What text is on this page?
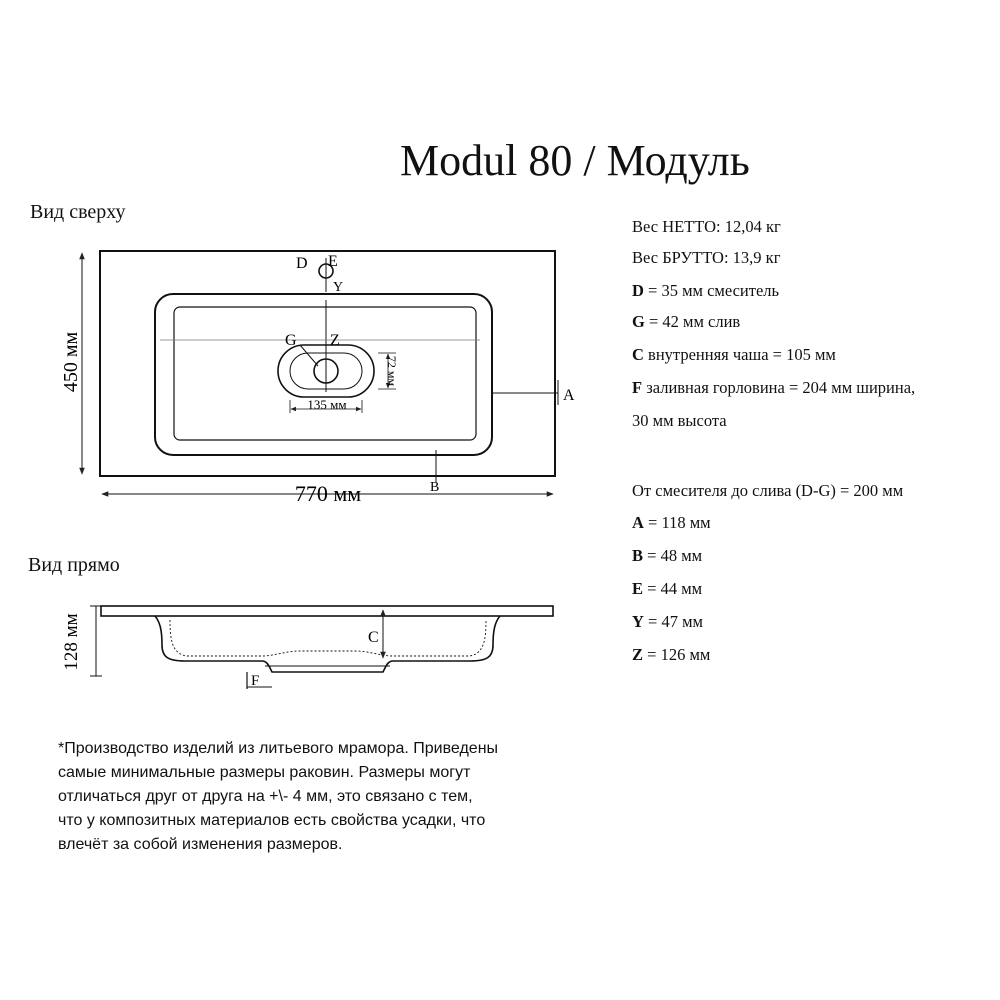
Modul 80 / Модуль
Вид сверху
Вид прямо
D E
Y
G Z
A
B
450 мм
770 мм
135 мм
72 мм
C
F
128 мм
Вес НЕТТО: 12,04 кг
Вес БРУТТО: 13,9 кг
D = 35 мм смеситель
G = 42 мм слив
C внутренняя чаша = 105 мм
F заливная горловина = 204 мм ширина,
30 мм высота
От смесителя до слива (D-G) = 200 мм
A = 118 мм
B = 48 мм
E = 44 мм
Y = 47 мм
Z = 126 мм
*Производство изделий из литьевого мрамора. Приведены
самые минимальные размеры раковин. Размеры могут
отличаться друг от друга на +\- 4 мм, это связано с тем,
что у композитных материалов есть свойства усадки, что
влечёт за собой изменения размеров.
